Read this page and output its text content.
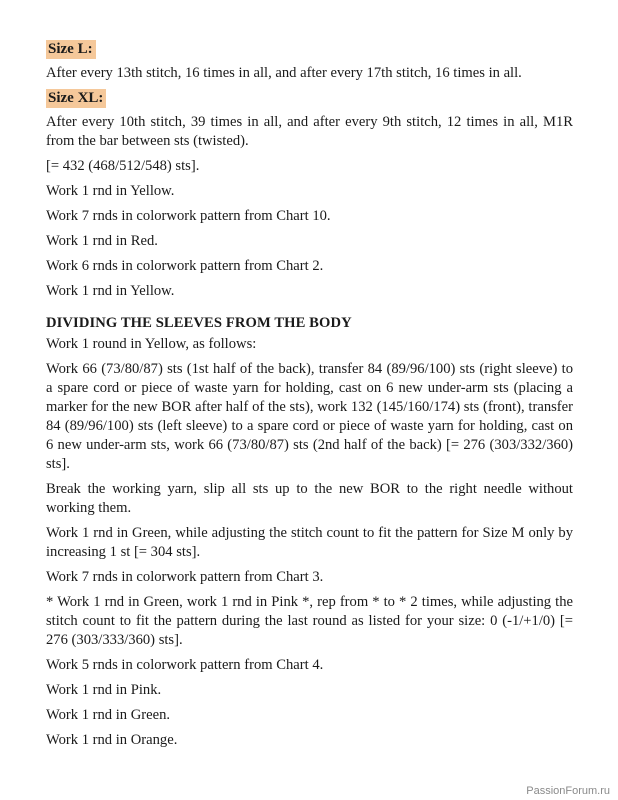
Size L:

After every 13th stitch, 16 times in all, and after every 17th stitch, 16 times in all.

Size XL:

After every 10th stitch, 39 times in all, and after every 9th stitch, 12 times in all, M1R from the bar between sts (twisted).

[= 432 (468/512/548) sts].

Work 1 rnd in Yellow.

Work 7 rnds in colorwork pattern from Chart 10.

Work 1 rnd in Red.

Work 6 rnds in colorwork pattern from Chart 2.

Work 1 rnd in Yellow.

DIVIDING THE SLEEVES FROM THE BODY

Work 1 round in Yellow, as follows:

Work 66 (73/80/87) sts (1st half of the back), transfer 84 (89/96/100) sts (right sleeve) to a spare cord or piece of waste yarn for holding, cast on 6 new under-arm sts (placing a marker for the new BOR after half of the sts), work 132 (145/160/174) sts (front), transfer 84 (89/96/100) sts (left sleeve) to a spare cord or piece of waste yarn for holding, cast on 6 new under-arm sts, work 66 (73/80/87) sts (2nd half of the back) [= 276 (303/332/360) sts].

Break the working yarn, slip all sts up to the new BOR to the right needle without working them.

Work 1 rnd in Green, while adjusting the stitch count to fit the pattern for Size M only by increasing 1 st [= 304 sts].

Work 7 rnds in colorwork pattern from Chart 3.

* Work 1 rnd in Green, work 1 rnd in Pink *, rep from * to * 2 times, while adjusting the stitch count to fit the pattern during the last round as listed for your size: 0 (-1/+1/0) [= 276 (303/333/360) sts].

Work 5 rnds in colorwork pattern from Chart 4.

Work 1 rnd in Pink.

Work 1 rnd in Green.

Work 1 rnd in Orange.

PassionForum.ru
